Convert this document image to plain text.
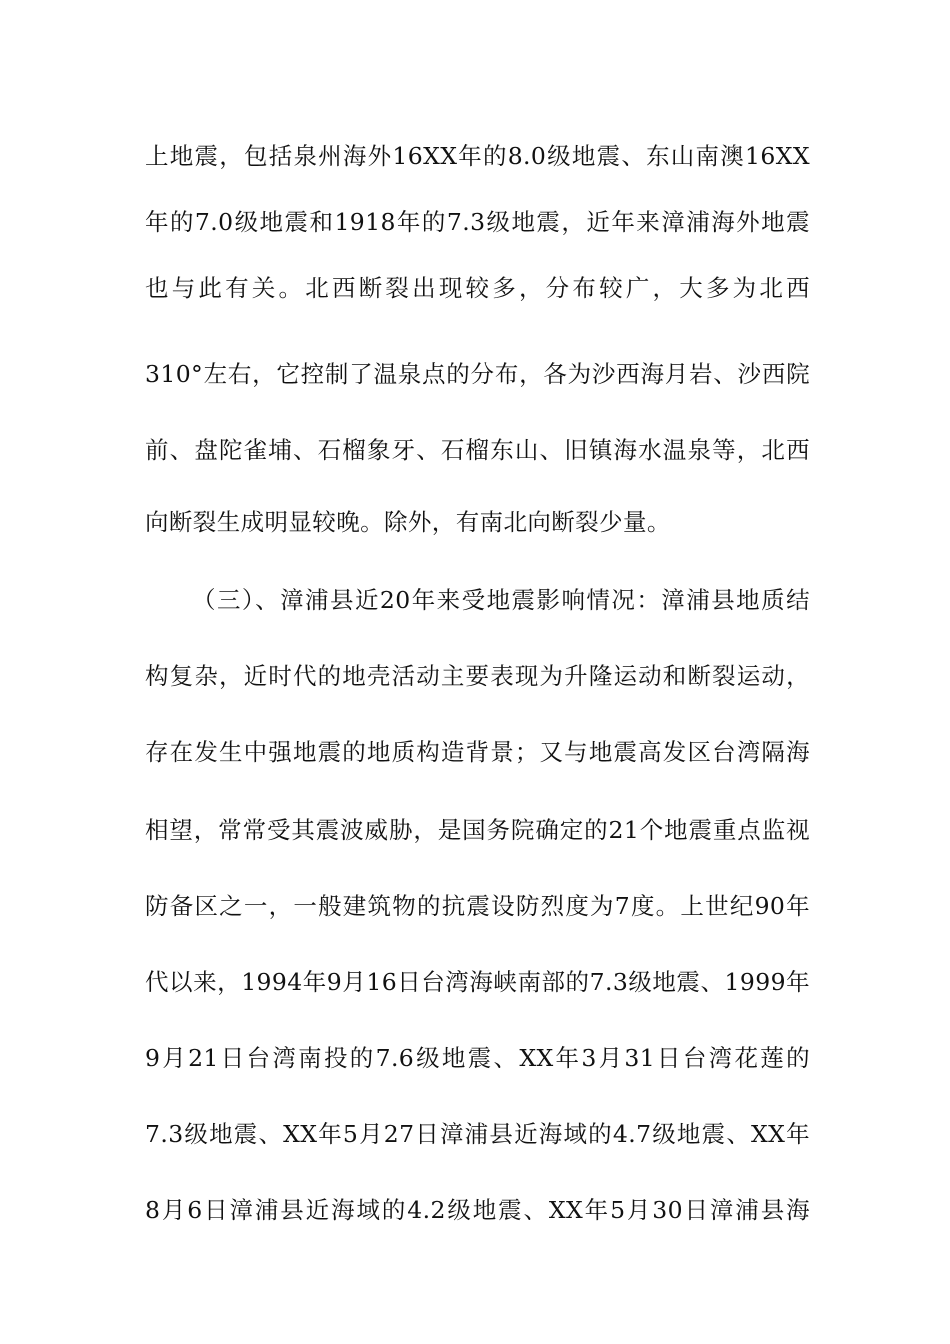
上地震，包括泉州海外16XX年的8.0级地震、东山南澳16XX
年的7.0级地震和1918年的7.3级地震，近年来漳浦海外地震
也与此有关。北西断裂出现较多，分布较广，大多为北西
310°左右，它控制了温泉点的分布，各为沙西海月岩、沙西院
前、盘陀雀埔、石榴象牙、石榴东山、旧镇海水温泉等，北西
向断裂生成明显较晚。除外，有南北向断裂少量。
（三）、漳浦县近20年来受地震影响情况：漳浦县地质结
构复杂，近时代的地壳活动主要表现为升隆运动和断裂运动，
存在发生中强地震的地质构造背景；又与地震高发区台湾隔海
相望，常常受其震波威胁，是国务院确定的21个地震重点监视
防备区之一，一般建筑物的抗震设防烈度为7度。上世纪90年
代以来，1994年9月16日台湾海峡南部的7.3级地震、1999年
9月21日台湾南投的7.6级地震、XX年3月31日台湾花莲的
7.3级地震、XX年5月27日漳浦县近海域的4.7级地震、XX年
8月6日漳浦县近海域的4.2级地震、XX年5月30日漳浦县海
